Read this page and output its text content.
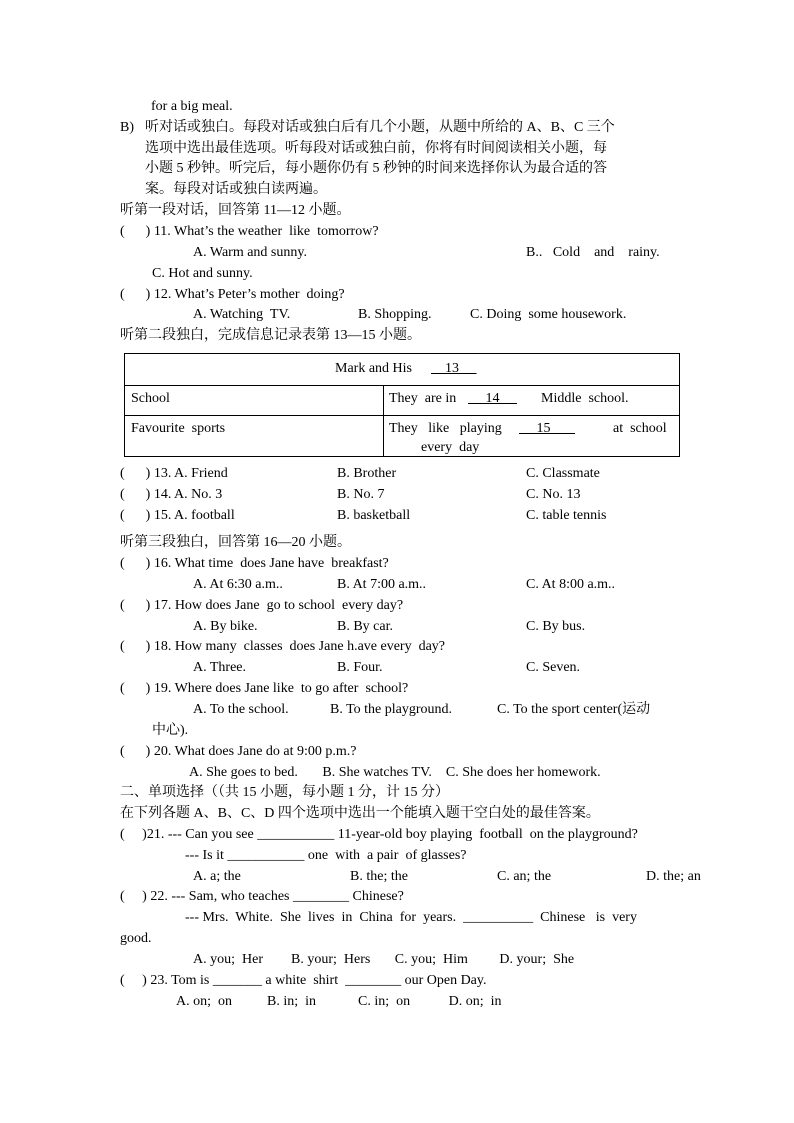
for a big meal.
B) 听对话或独白。每段对话或独白后有几个小题，从题中所给的 A、B、C 三个
选项中选出最佳选项。听每段对话或独白前，你将有时间阅读相关小题，每
小题 5 秒钟。听完后，每小题你仍有 5 秒钟的时间来选择你认为最合适的答
案。每段对话或独白读两遍。
听第一段对话，回答第 11—12 小题。
(      ) 11. What’s the weather  like  tomorrow?
A. Warm and sunny.	B..   Cold    and    rainy.
C. Hot and sunny.
(      ) 12. What’s Peter’s mother  doing?
A. Watching  TV.	B. Shopping.	C. Doing  some housework.
听第二段独白，完成信息记录表第 13—15 小题。
Mark and His	13
School	They  are in	14	Middle  school.
Favourite  sports	They   like   playing	15	at  school
every  day
(      ) 13. A. Friend	B. Brother	C. Classmate
(      ) 14. A. No. 3	B. No. 7	C. No. 13
(      ) 15. A. football	B. basketball	C. table tennis
听第三段独白，回答第 16—20 小题。
(      ) 16. What time  does Jane have  breakfast?
A. At 6:30 a.m..	B. At 7:00 a.m..	C. At 8:00 a.m..
(      ) 17. How does Jane  go to school  every day?
A. By bike.	B. By car.	C. By bus.
(      ) 18. How many  classes  does Jane h.ave every  day?
A. Three.	B. Four.	C. Seven.
(      ) 19. Where does Jane like  to go after  school?
A. To the school.	B. To the playground.	C. To the sport center(运动
中心).
(      ) 20. What does Jane do at 9:00 p.m.?
A. She goes to bed.       B. She watches TV.    C. She does her homework.
二、单项选择（（共 15 小题，每小题 1 分，计 15 分）
在下列各题 A、B、C、D 四个选项中选出一个能填入题干空白处的最佳答案。
(     )21. --- Can you see ___________ 11-year-old boy playing  football  on the playground?
--- Is it ___________ one  with  a pair  of glasses?
A. a; the	B. the; the	C. an; the	D. the; an
(     ) 22. --- Sam, who teaches ________ Chinese?
--- Mrs.  White.  She  lives  in  China  for  years.  __________  Chinese   is  very
good.
A. you;  Her        B. your;  Hers       C. you;  Him         D. your;  She
(     ) 23. Tom is _______ a white  shirt  ________ our Open Day.
A. on;  on          B. in;  in            C. in;  on           D. on;  in
